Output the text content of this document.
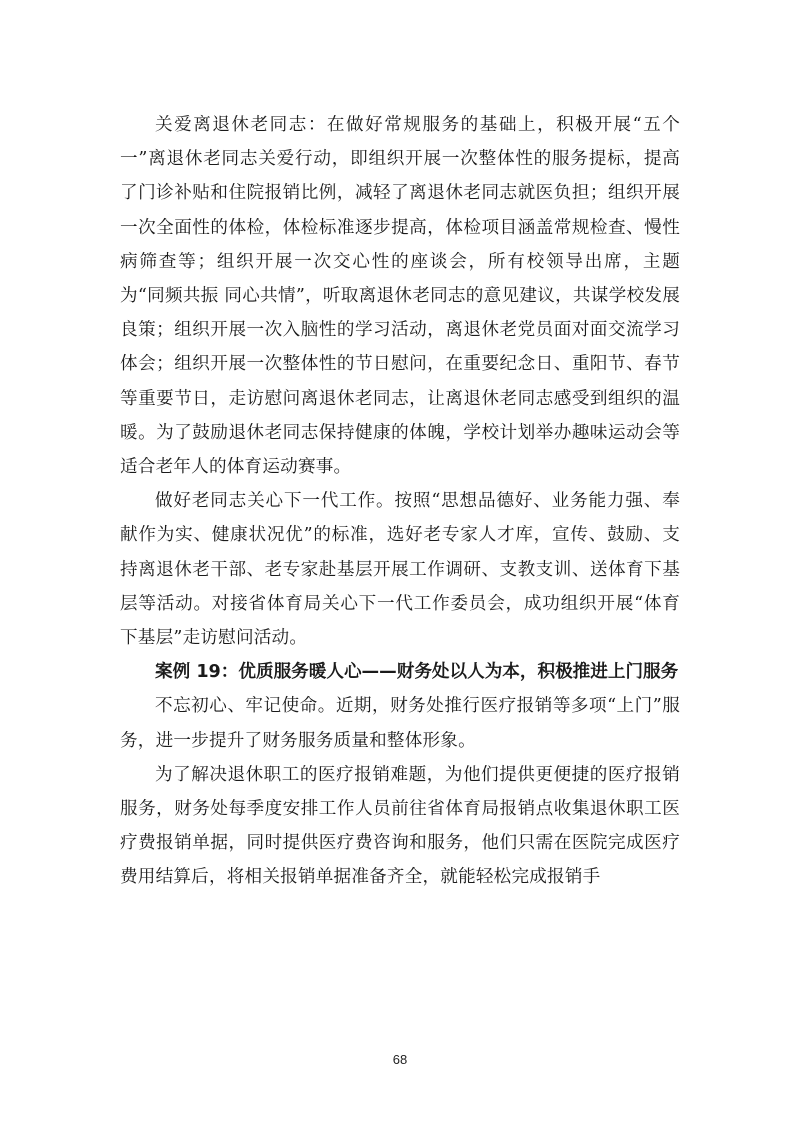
关爱离退休老同志：在做好常规服务的基础上，积极开展“五个一”离退休老同志关爱行动，即组织开展一次整体性的服务提标，提高了门诊补贴和住院报销比例，减轻了离退休老同志就医负担；组织开展一次全面性的体检，体检标准逐步提高，体检项目涵盖常规检查、慢性病筛查等；组织开展一次交心性的座谈会，所有校领导出席，主题为“同频共振 同心共情”，听取离退休老同志的意见建议，共谋学校发展良策；组织开展一次入脑性的学习活动，离退休老党员面对面交流学习体会；组织开展一次整体性的节日慰问，在重要纪念日、重阳节、春节等重要节日，走访慰问离退休老同志，让离退休老同志感受到组织的温暖。为了鼓励退休老同志保持健康的体魄，学校计划举办趣味运动会等适合老年人的体育运动赛事。

做好老同志关心下一代工作。按照“思想品德好、业务能力强、奉献作为实、健康状况优”的标准，选好老专家人才库，宣传、鼓励、支持离退休老干部、老专家赴基层开展工作调研、支教支训、送体育下基层等活动。对接省体育局关心下一代工作委员会，成功组织开展“体育下基层”走访慰问活动。

案例 19：优质服务暖人心——财务处以人为本，积极推进上门服务

不忘初心、牢记使命。近期，财务处推行医疗报销等多项“上门”服务，进一步提升了财务服务质量和整体形象。

为了解决退休职工的医疗报销难题，为他们提供更便捷的医疗报销服务，财务处每季度安排工作人员前往省体育局报销点收集退休职工医疗费报销单据，同时提供医疗费咨询和服务，他们只需在医院完成医疗费用结算后，将相关报销单据准备齐全，就能轻松完成报销手

68
